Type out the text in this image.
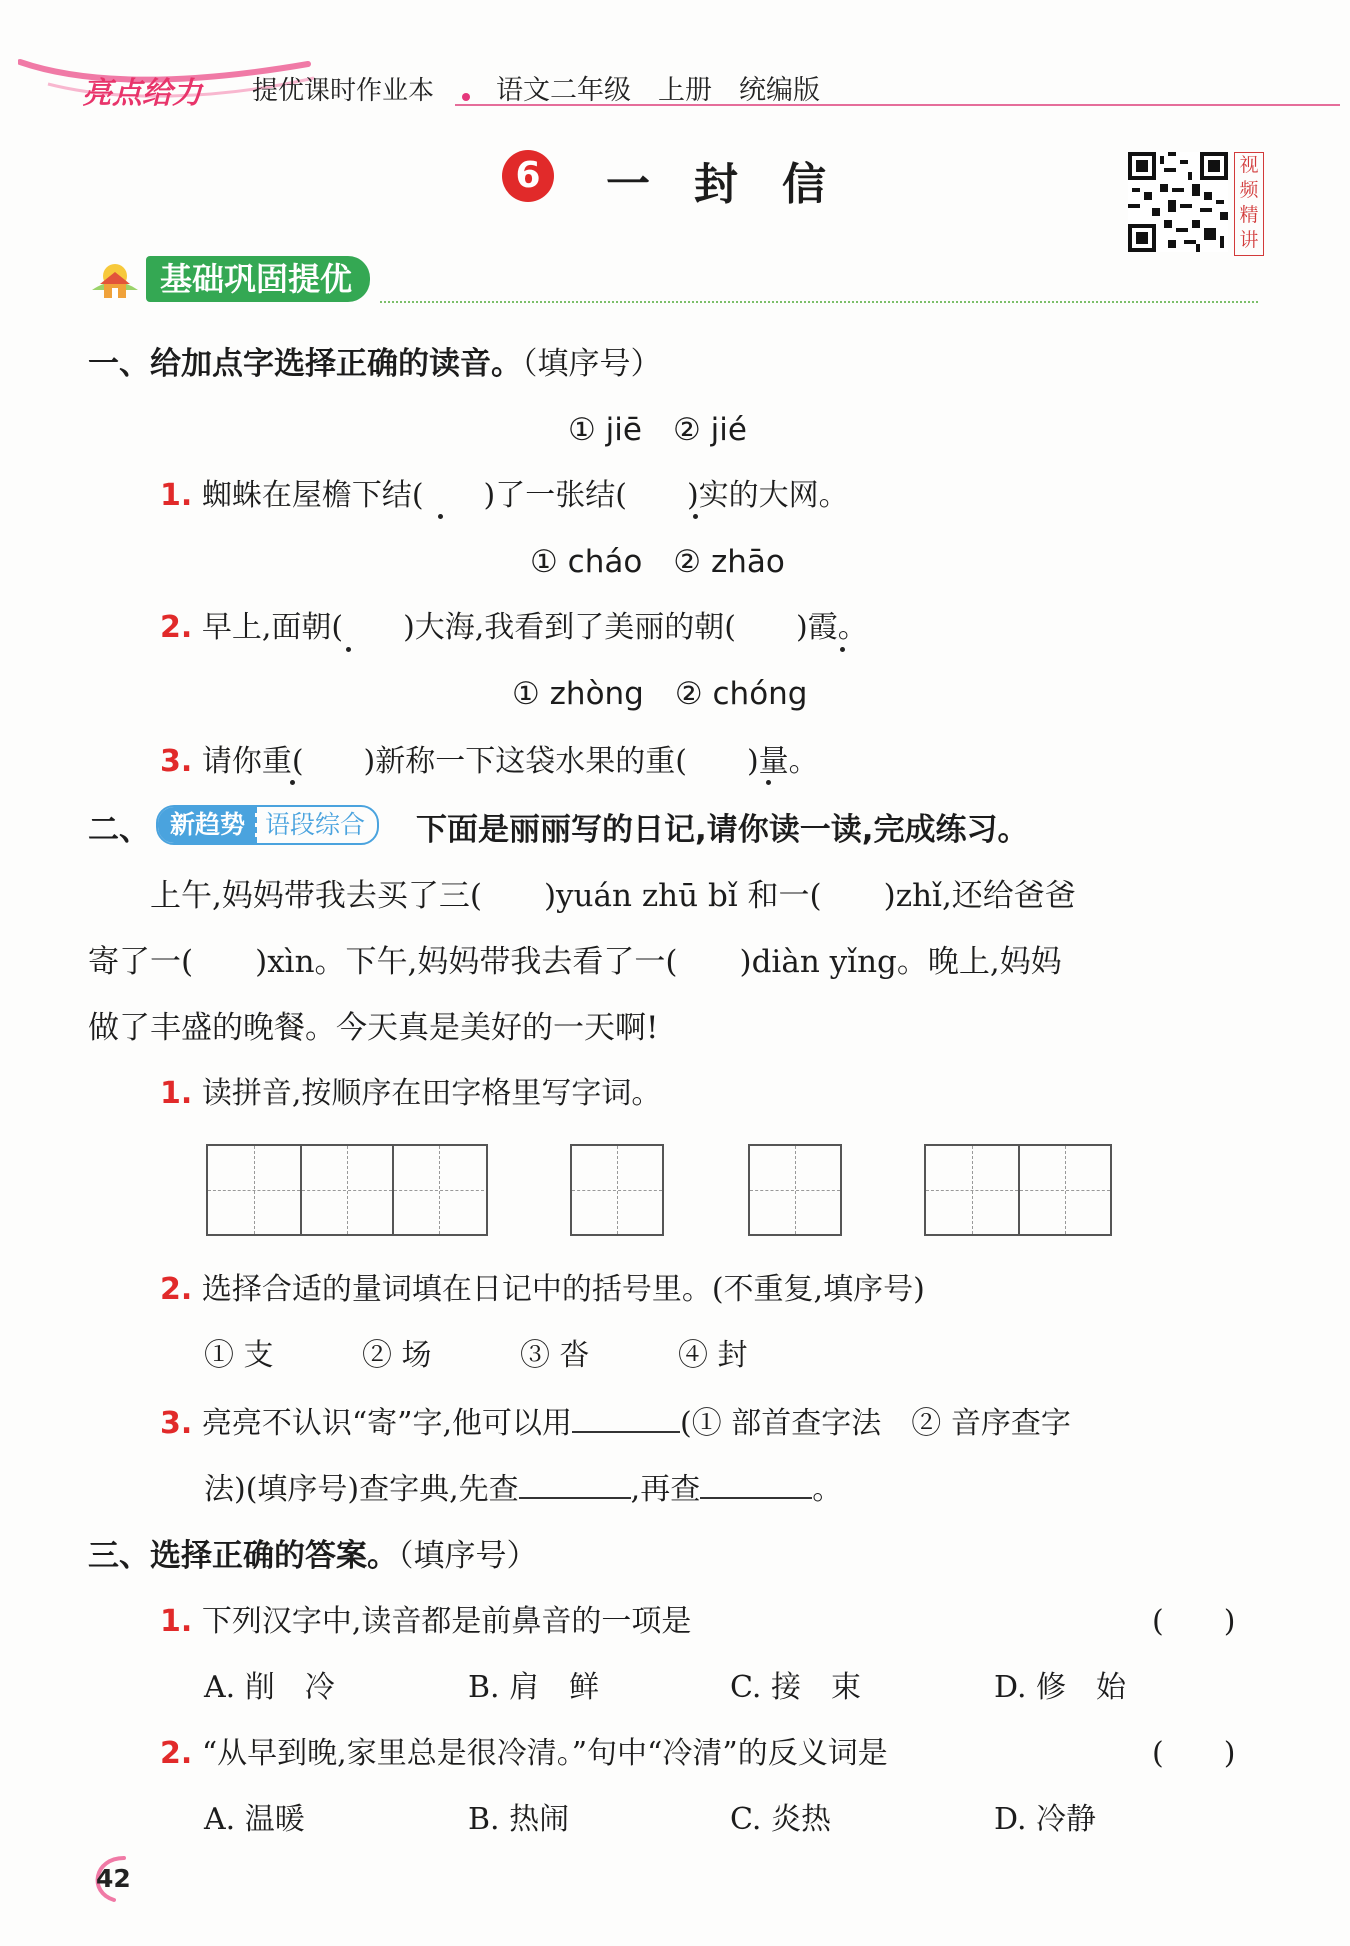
亮点给力 提优课时作业本 语文二年级　上册　统编版
6	一封信	视频精讲
基础巩固提优
一、给加点字选择正确的读音。（填序号）
① jiē　② jié
1. 蜘蛛在屋檐下结(　　)了一张结(　　)实的大网。
① cháo　② zhāo
2. 早上,面朝(　　)大海,我看到了美丽的朝(　　)霞。
① zhòng　② chóng
3. 请你重(　　)新称一下这袋水果的重(　　)量。
二、 新趋势 语段综合	下面是丽丽写的日记,请你读一读,完成练习。
　　上午,妈妈带我去买了三(　　)yuán zhū bǐ 和一(　　)zhǐ,还给爸爸
寄了一(　　)xìn。下午,妈妈带我去看了一(　　)diàn yǐng。晚上,妈妈
做了丰盛的晚餐。今天真是美好的一天啊!
1. 读拼音,按顺序在田字格里写字词。
2. 选择合适的量词填在日记中的括号里。(不重复,填序号)
① 支	② 场	③ 沓	④ 封
3. 亮亮不认识“寄”字,他可以用	(① 部首查字法　② 音序查字
法)(填序号)查字典,先查	,再查	。
三、选择正确的答案。（填序号）
1. 下列汉字中,读音都是前鼻音的一项是	(　　)
A. 削　冷	B. 肩　鲜	C. 接　束	D. 修　始
2. “从早到晚,家里总是很冷清。”句中“冷清”的反义词是	(　　)
A. 温暖	B. 热闹	C. 炎热	D. 冷静
42
